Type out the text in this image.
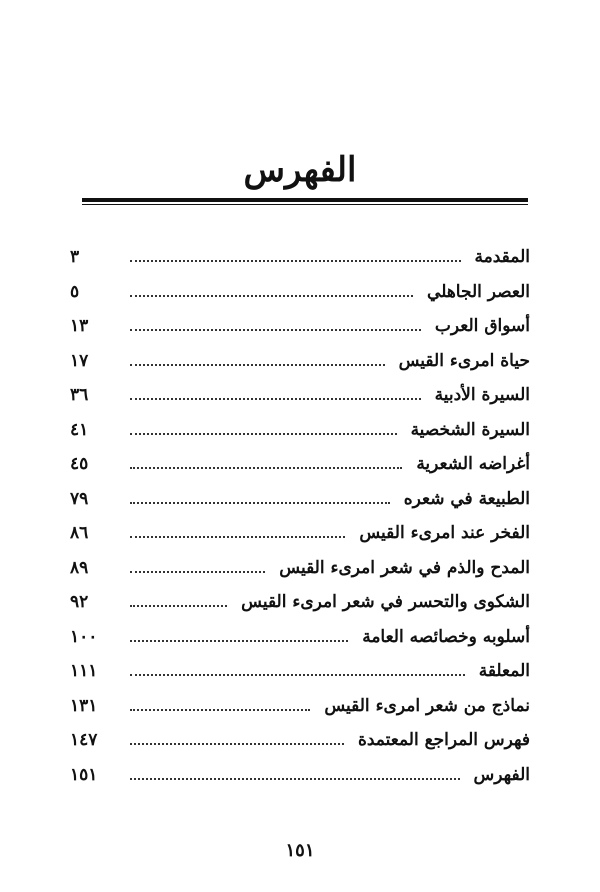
الفهرس
المقدمة
٣
العصر الجاهلي
٥
أسواق العرب
١٣
حياة امرىء القيس
١٧
السيرة الأدبية
٣٦
السيرة الشخصية
٤١
أغراضه الشعرية
٤٥
الطبيعة في شعره
٧٩
الفخر عند امرىء القيس
٨٦
المدح والذم في شعر امرىء القيس
٨٩
الشكوى والتحسر في شعر امرىء القيس
٩٢
أسلوبه وخصائصه العامة
١٠٠
المعلقة
١١١
نماذج من شعر امرىء القيس
١٣١
فهرس المراجع المعتمدة
١٤٧
الفهرس
١٥١
١٥١
